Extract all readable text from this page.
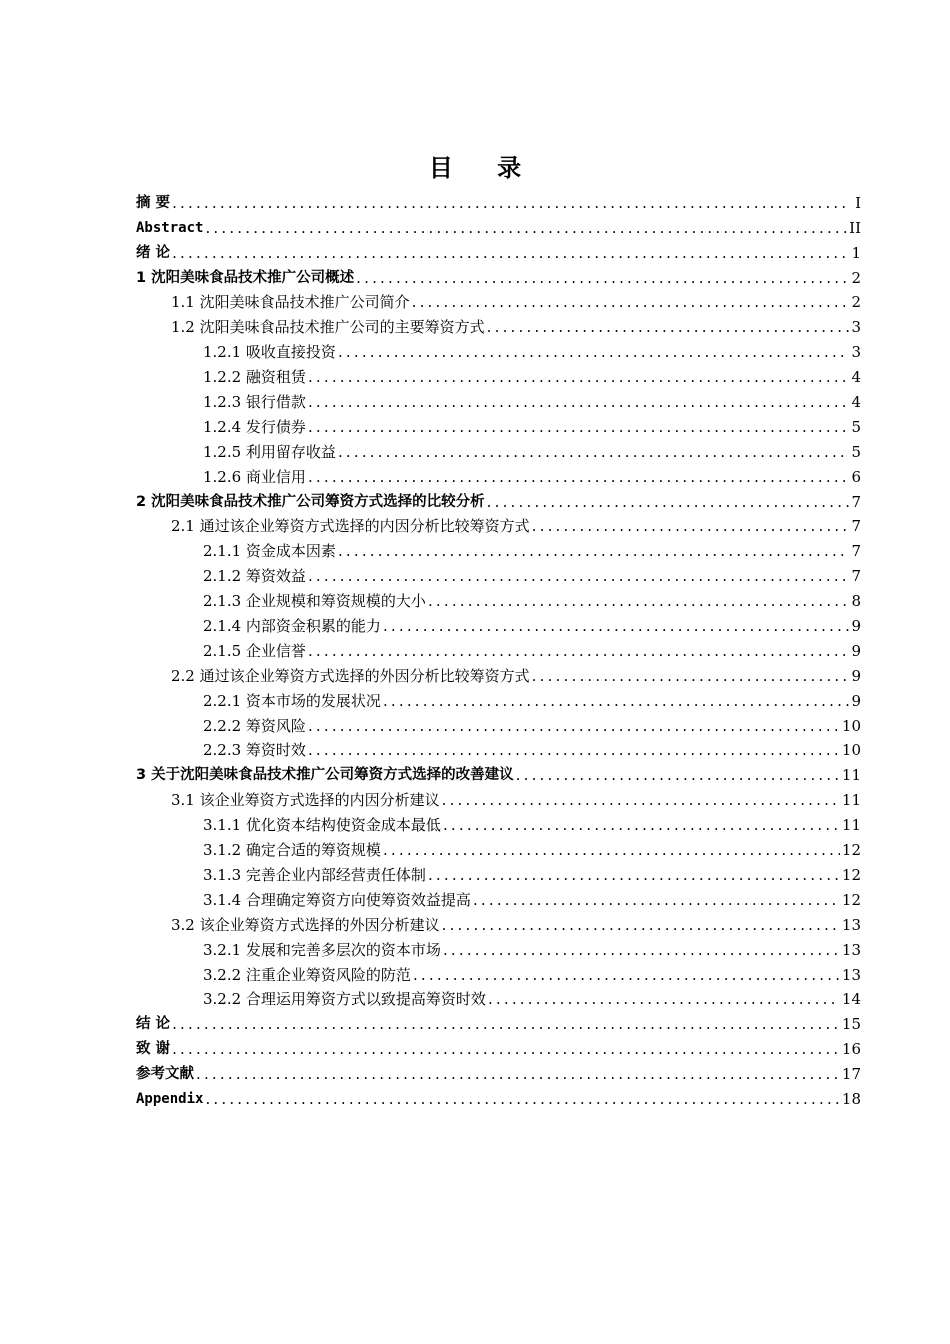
目 录
摘 要 .....	I
Abstract .....	II
绪 论 .....	1
1 沈阳美味食品技术推广公司概述 .....	2
1.1 沈阳美味食品技术推广公司简介 .....	2
1.2 沈阳美味食品技术推广公司的主要筹资方式 .....	3
1.2.1 吸收直接投资 .....	3
1.2.2 融资租赁 .....	4
1.2.3 银行借款 .....	4
1.2.4 发行债券 .....	5
1.2.5 利用留存收益 .....	5
1.2.6 商业信用 .....	6
2 沈阳美味食品技术推广公司筹资方式选择的比较分析 .....	7
2.1 通过该企业筹资方式选择的内因分析比较筹资方式 .....	7
2.1.1 资金成本因素 .....	7
2.1.2 筹资效益 .....	7
2.1.3 企业规模和筹资规模的大小 .....	8
2.1.4 内部资金积累的能力 .....	9
2.1.5 企业信誉 .....	9
2.2 通过该企业筹资方式选择的外因分析比较筹资方式 .....	9
2.2.1 资本市场的发展状况 .....	9
2.2.2 筹资风险 .....	10
2.2.3 筹资时效 .....	10
3 关于沈阳美味食品技术推广公司筹资方式选择的改善建议 .....	11
3.1 该企业筹资方式选择的内因分析建议 .....	11
3.1.1 优化资本结构使资金成本最低 .....	11
3.1.2 确定合适的筹资规模 .....	12
3.1.3 完善企业内部经营责任体制 .....	12
3.1.4 合理确定筹资方向使筹资效益提高 .....	12
3.2 该企业筹资方式选择的外因分析建议 .....	13
3.2.1 发展和完善多层次的资本市场 .....	13
3.2.2 注重企业筹资风险的防范 .....	13
3.2.2 合理运用筹资方式以致提高筹资时效 .....	14
结 论 .....	15
致 谢 .....	16
参考文献 .....	17
Appendix .....	18
